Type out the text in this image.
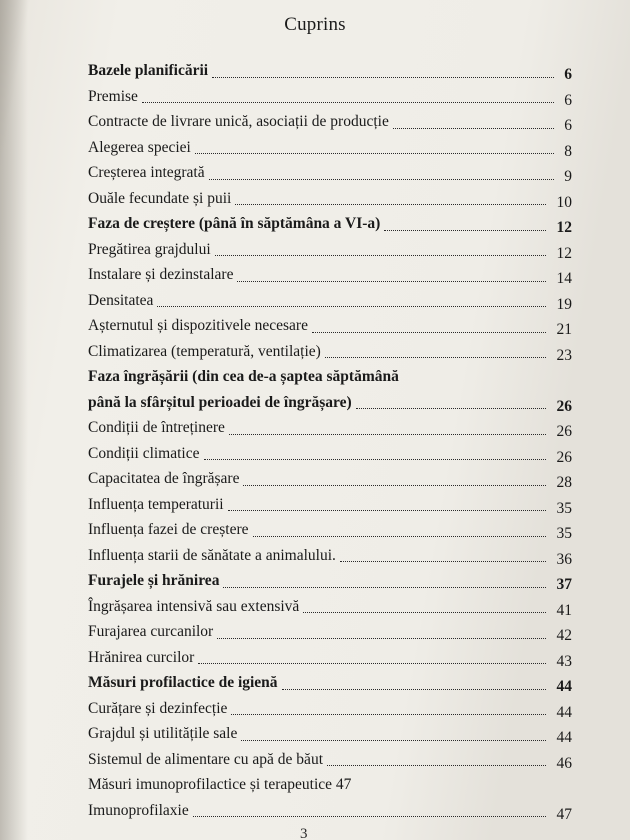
Cuprins
Bazele planificării	6
Premise	6
Contracte de livrare unică, asociații de producție	6
Alegerea speciei	8
Creșterea integrată	9
Ouăle fecundate și puii	10
Faza de creștere (până în săptămâna a VI-a)	12
Pregătirea grajdului	12
Instalare și dezinstalare	14
Densitatea	19
Așternutul și dispozitivele necesare	21
Climatizarea (temperatură, ventilație)	23
Faza îngrășării (din cea de-a șaptea săptămână
până la sfârșitul perioadei de îngrășare)	26
Condiții de întreținere	26
Condiții climatice	26
Capacitatea de îngrășare	28
Influența temperaturii	35
Influența fazei de creștere	35
Influența starii de sănătate a animalului.	36
Furajele și hrănirea	37
Îngrășarea intensivă sau extensivă	41
Furajarea curcanilor	42
Hrănirea curcilor	43
Măsuri profilactice de igienă	44
Curățare și dezinfecție	44
Grajdul și utilitățile sale	44
Sistemul de alimentare cu apă de băut	46
Măsuri imunoprofilactice și terapeutice 47
Imunoprofilaxie	47
3
